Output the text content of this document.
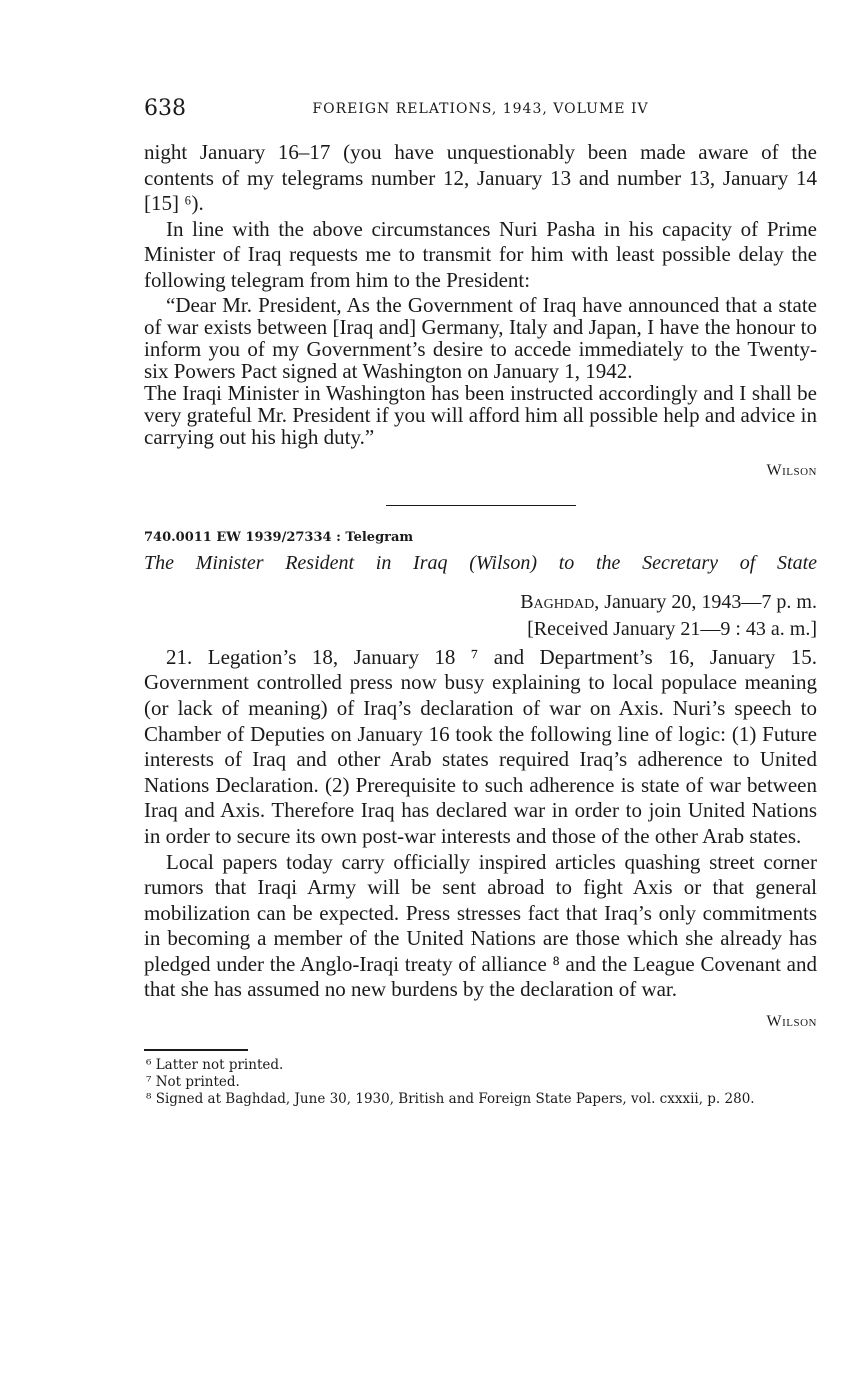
638	FOREIGN RELATIONS, 1943, VOLUME IV

night January 16–17 (you have unquestionably been made aware of the contents of my telegrams number 12, January 13 and number 13, January 14 [15] ⁶).

In line with the above circumstances Nuri Pasha in his capacity of Prime Minister of Iraq requests me to transmit for him with least possible delay the following telegram from him to the President:

“Dear Mr. President, As the Government of Iraq have announced that a state of war exists between [Iraq and] Germany, Italy and Japan, I have the honour to inform you of my Government’s desire to accede immediately to the Twenty-six Powers Pact signed at Washington on January 1, 1942.

The Iraqi Minister in Washington has been instructed accordingly and I shall be very grateful Mr. President if you will afford him all possible help and advice in carrying out his high duty.”

Wilson
740.0011 EW 1939/27334 : Telegram
The Minister Resident in Iraq (Wilson) to the Secretary of State
Baghdad, January 20, 1943—7 p. m.
[Received January 21—9 : 43 a. m.]

21. Legation’s 18, January 18 ⁷ and Department’s 16, January 15. Government controlled press now busy explaining to local populace meaning (or lack of meaning) of Iraq’s declaration of war on Axis. Nuri’s speech to Chamber of Deputies on January 16 took the following line of logic: (1) Future interests of Iraq and other Arab states required Iraq’s adherence to United Nations Declaration. (2) Prerequisite to such adherence is state of war between Iraq and Axis. Therefore Iraq has declared war in order to join United Nations in order to secure its own post-war interests and those of the other Arab states.

Local papers today carry officially inspired articles quashing street corner rumors that Iraqi Army will be sent abroad to fight Axis or that general mobilization can be expected. Press stresses fact that Iraq’s only commitments in becoming a member of the United Nations are those which she already has pledged under the Anglo-Iraqi treaty of alliance ⁸ and the League Covenant and that she has assumed no new burdens by the declaration of war.

Wilson

⁶ Latter not printed.

⁷ Not printed.

⁸ Signed at Baghdad, June 30, 1930, British and Foreign State Papers, vol. cxxxii, p. 280.
